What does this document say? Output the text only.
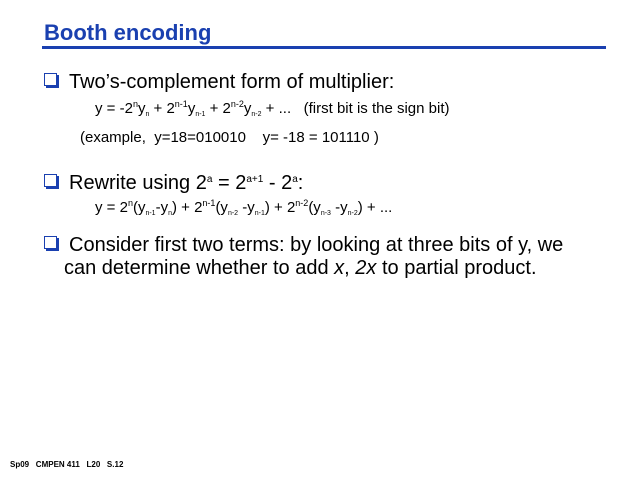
Booth encoding
Two’s-complement form of multiplier:
$y = -2^ny_n + 2^{n-1}y_{n-1} + 2^{n-2}y_{n-2}$ + ...   (first bit is the sign bit)
(example,  y=18=010010    y= -18 = 101110 )
Rewrite using $2^a = 2^{a+1} - 2^a$:
$y = 2^n(y_{n-1}-y_n) + 2^{n-1}(y_{n-2}$ $-y_{n-1}) + 2^{n-2}(y_{n-3}$ $-y_{n-2}$) + ...
Consider first two terms: by looking at three bits of y, we
can determine whether to add x, 2x to partial product.
Sp09   CMPEN 411   L20   S.12
